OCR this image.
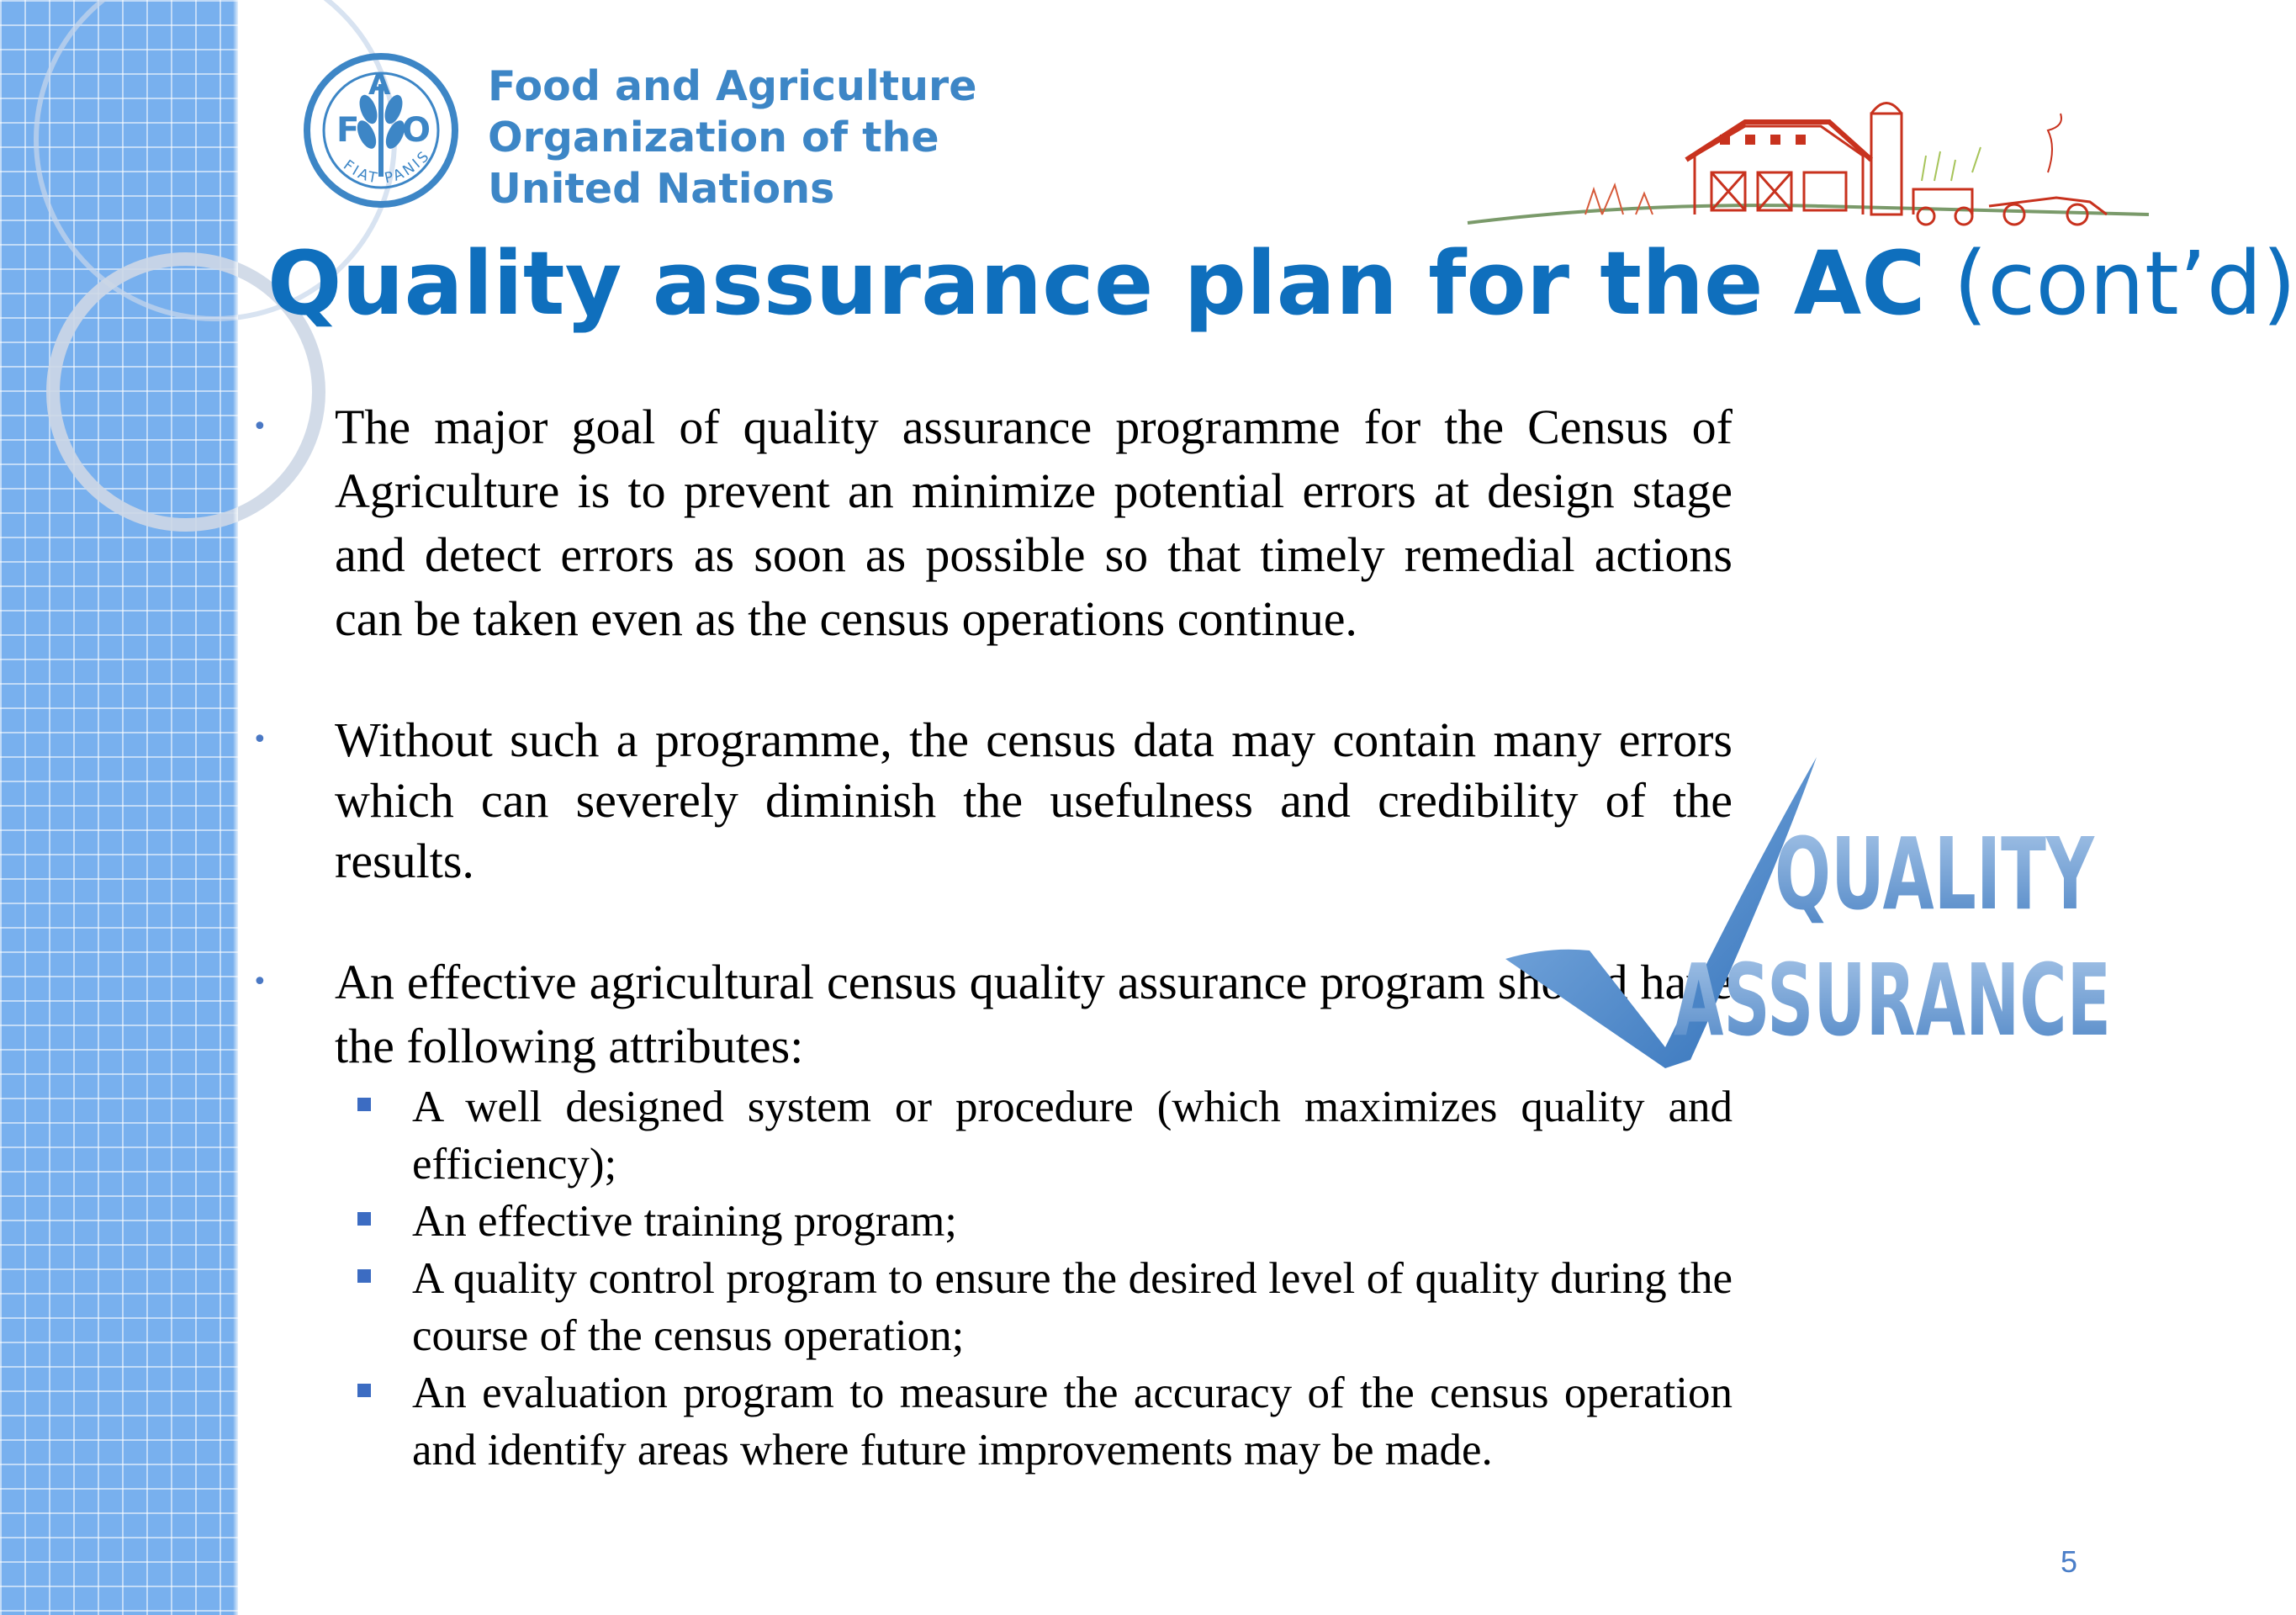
F
A
O
FIAT PANIS
Food and Agriculture
Organization of the
United Nations
Quality assurance plan for the AC (cont’d)
• The major goal of quality assurance programme for the Census of Agriculture is to prevent an minimize potential errors at design stage and detect errors as soon as possible so that timely remedial actions can be taken even as the census operations continue.
• Without such a programme, the census data may contain many errors which can severely diminish the usefulness and credibility of the results.
• An effective agricultural census quality assurance program should have the following attributes:
A well designed system or procedure (which maximizes quality and efficiency);
An effective training program;
A quality control program to ensure the desired level of quality during the course of the census operation;
An evaluation program to measure the accuracy of the census operation and identify areas where future improvements may be made.
QUALITY
ASSURANCE
5
